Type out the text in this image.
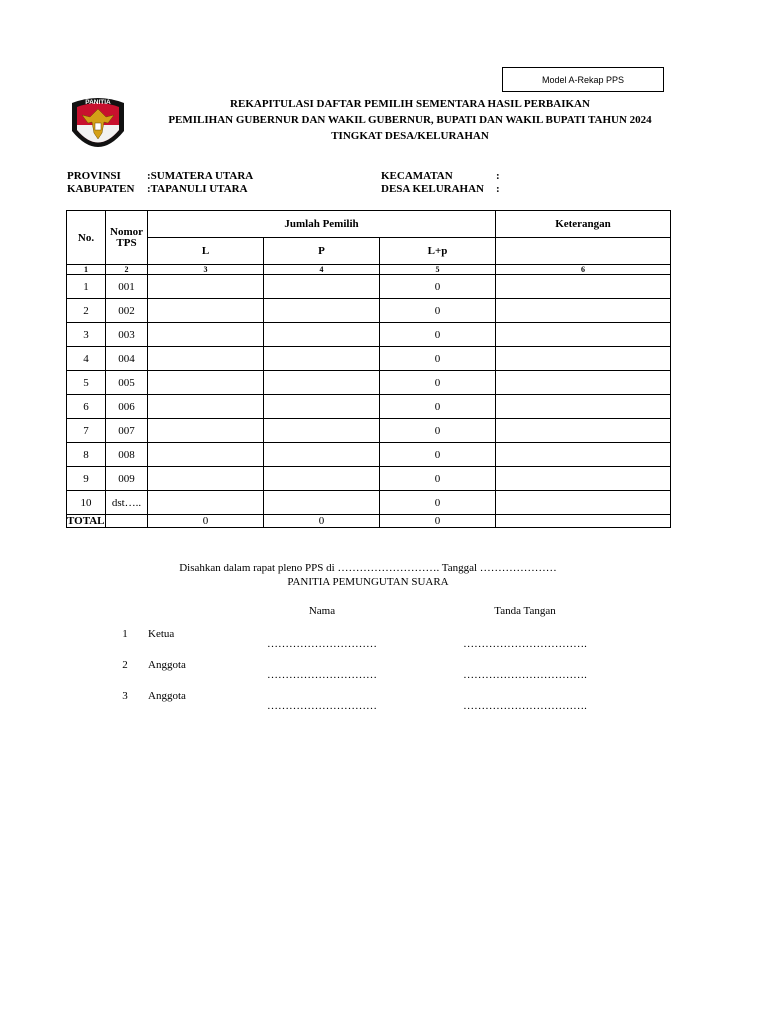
Model A-Rekap PPS
PANITIA
PEMUNGUTAN SUARA
REKAPITULASI DAFTAR PEMILIH SEMENTARA HASIL PERBAIKAN
PEMILIHAN GUBERNUR DAN WAKIL GUBERNUR, BUPATI DAN WAKIL BUPATI TAHUN 2024
TINGKAT DESA/KELURAHAN
PROVINSI :SUMATERA UTARA
KABUPATEN :TAPANULI UTARA
KECAMATAN	:
DESA KELURAHAN :
No.	Nomor TPS	Jumlah Pemilih			Keterangan
		L	P	L+p	
1	2	3	4	5	6
1	001			0	
2	002			0	
3	003			0	
4	004			0	
5	005			0	
6	006			0	
7	007			0	
8	008			0	
9	009			0	
10	dst…..			0	
TOTAL		0	0	0	
Disahkan dalam rapat pleno PPS di ………………………. Tanggal …………………
PANITIA PEMUNGUTAN SUARA
Nama	Tanda Tangan
1	Ketua
…………………………	…………………………….
2	Anggota
…………………………	…………………………….
3	Anggota
…………………………	…………………………….
